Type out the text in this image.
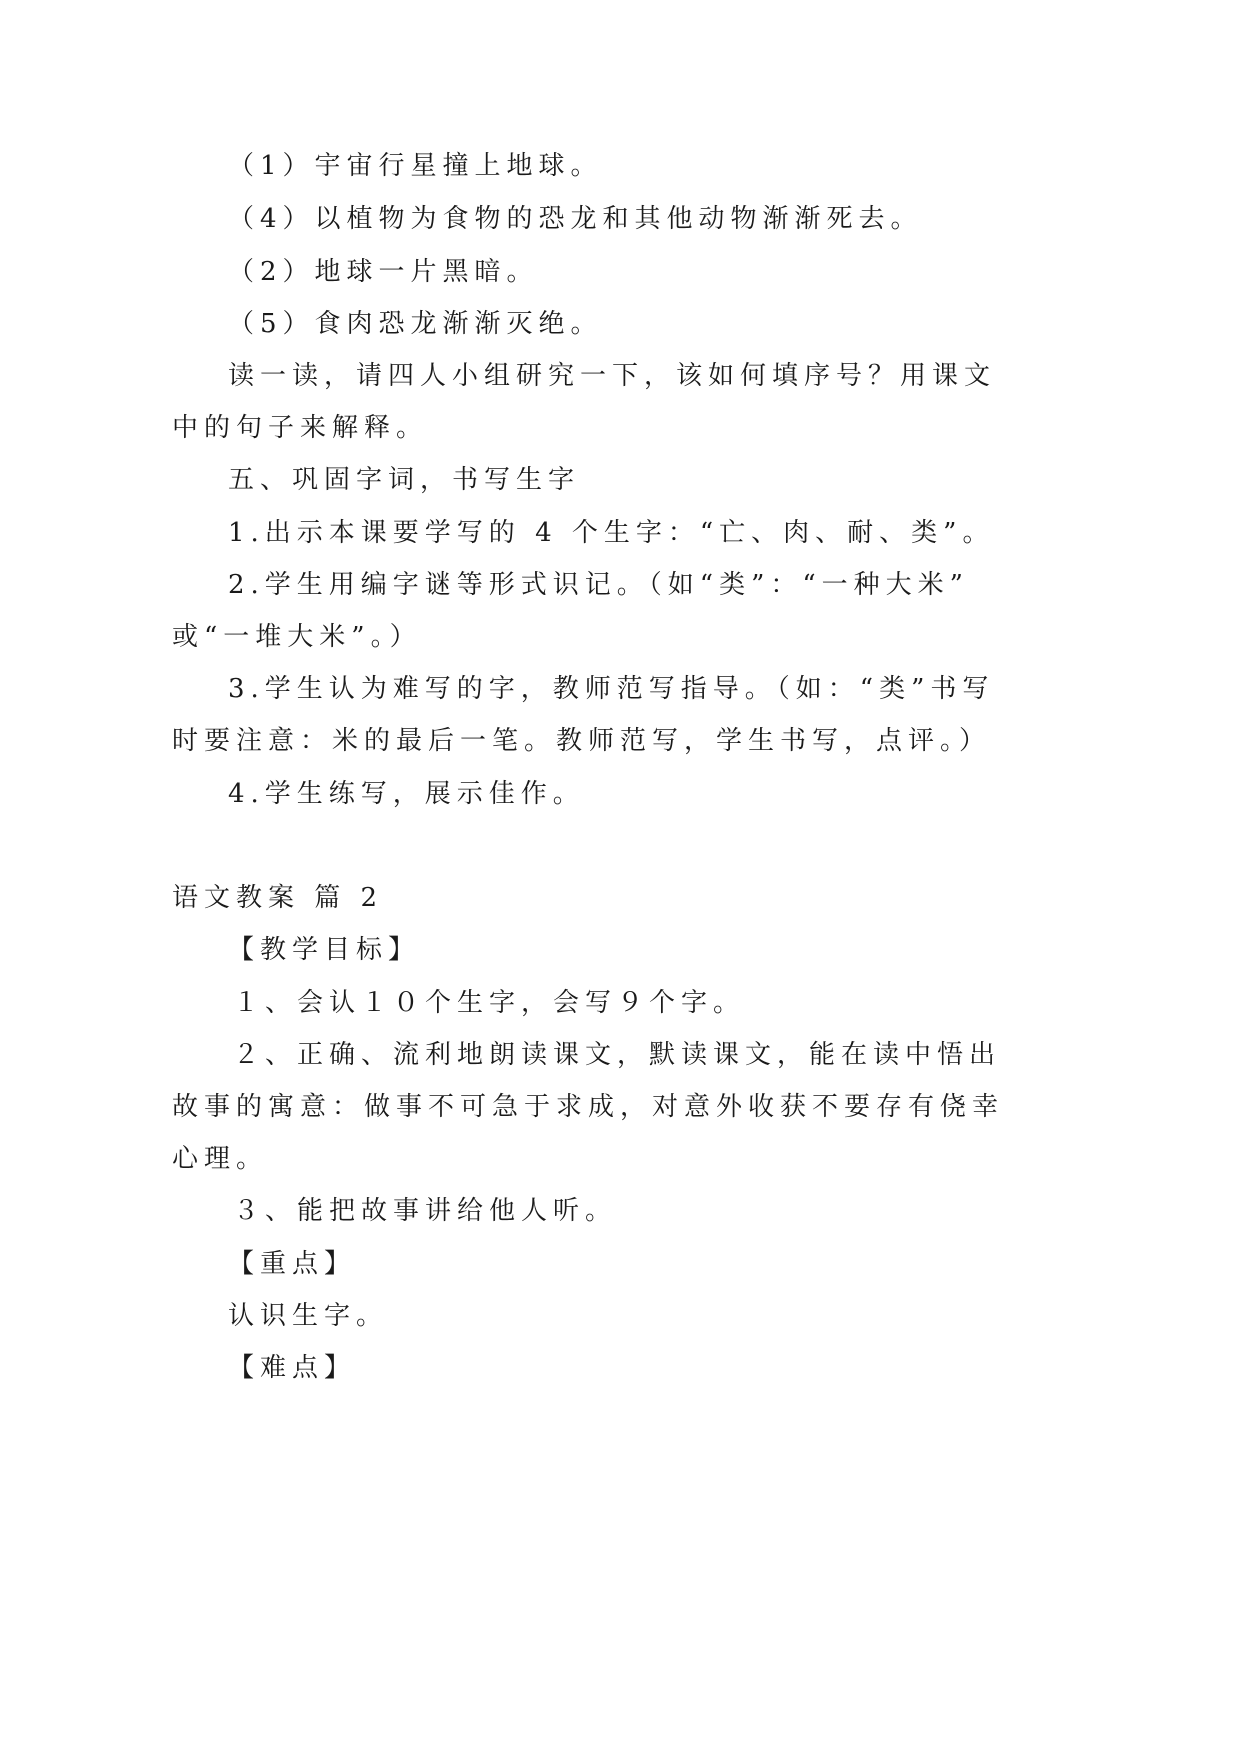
（1）宇宙行星撞上地球。

（4）以植物为食物的恐龙和其他动物渐渐死去。

（2）地球一片黑暗。

（5）食肉恐龙渐渐灭绝。

读一读，请四人小组研究一下，该如何填序号？用课文

中的句子来解释。

五、巩固字词，书写生字

1.出示本课要学写的 4 个生字：“亡、肉、耐、类”。

2.学生用编字谜等形式识记。（如“类”：“一种大米”

或“一堆大米”。）

3.学生认为难写的字，教师范写指导。（如：“类”书写

时要注意：米的最后一笔。教师范写，学生书写，点评。）

4.学生练写，展示佳作。

语文教案 篇 2

【教学目标】

１、会认１０个生字，会写９个字。

２、正确、流利地朗读课文，默读课文，能在读中悟出

故事的寓意：做事不可急于求成，对意外收获不要存有侥幸

心理。

３、能把故事讲给他人听。

【重点】

认识生字。

【难点】
